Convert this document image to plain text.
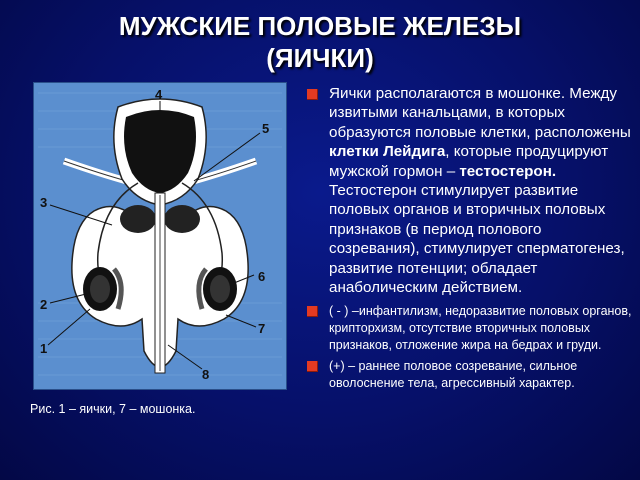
МУЖСКИЕ ПОЛОВЫЕ ЖЕЛЕЗЫ
(ЯИЧКИ)
1
2
3
4
5
6
7
8
Рис. 1 – яички, 7 – мошонка.
Яички располагаются в мошонке. Между извитыми канальцами, в которых образуются половые клетки, расположены клетки Лейдига, которые продуцируют мужской гормон – тестостерон. Тестостерон стимулирует развитие половых органов и вторичных половых признаков (в период полового созревания), стимулирует сперматогенез, развитие потенции; обладает анаболическим действием.
( - ) –инфантилизм, недоразвитие половых органов, крипторхизм, отсутствие вторичных половых признаков, отложение жира на бедрах и груди.
(+) – раннее половое созревание, сильное оволоснение тела, агрессивный характер.
